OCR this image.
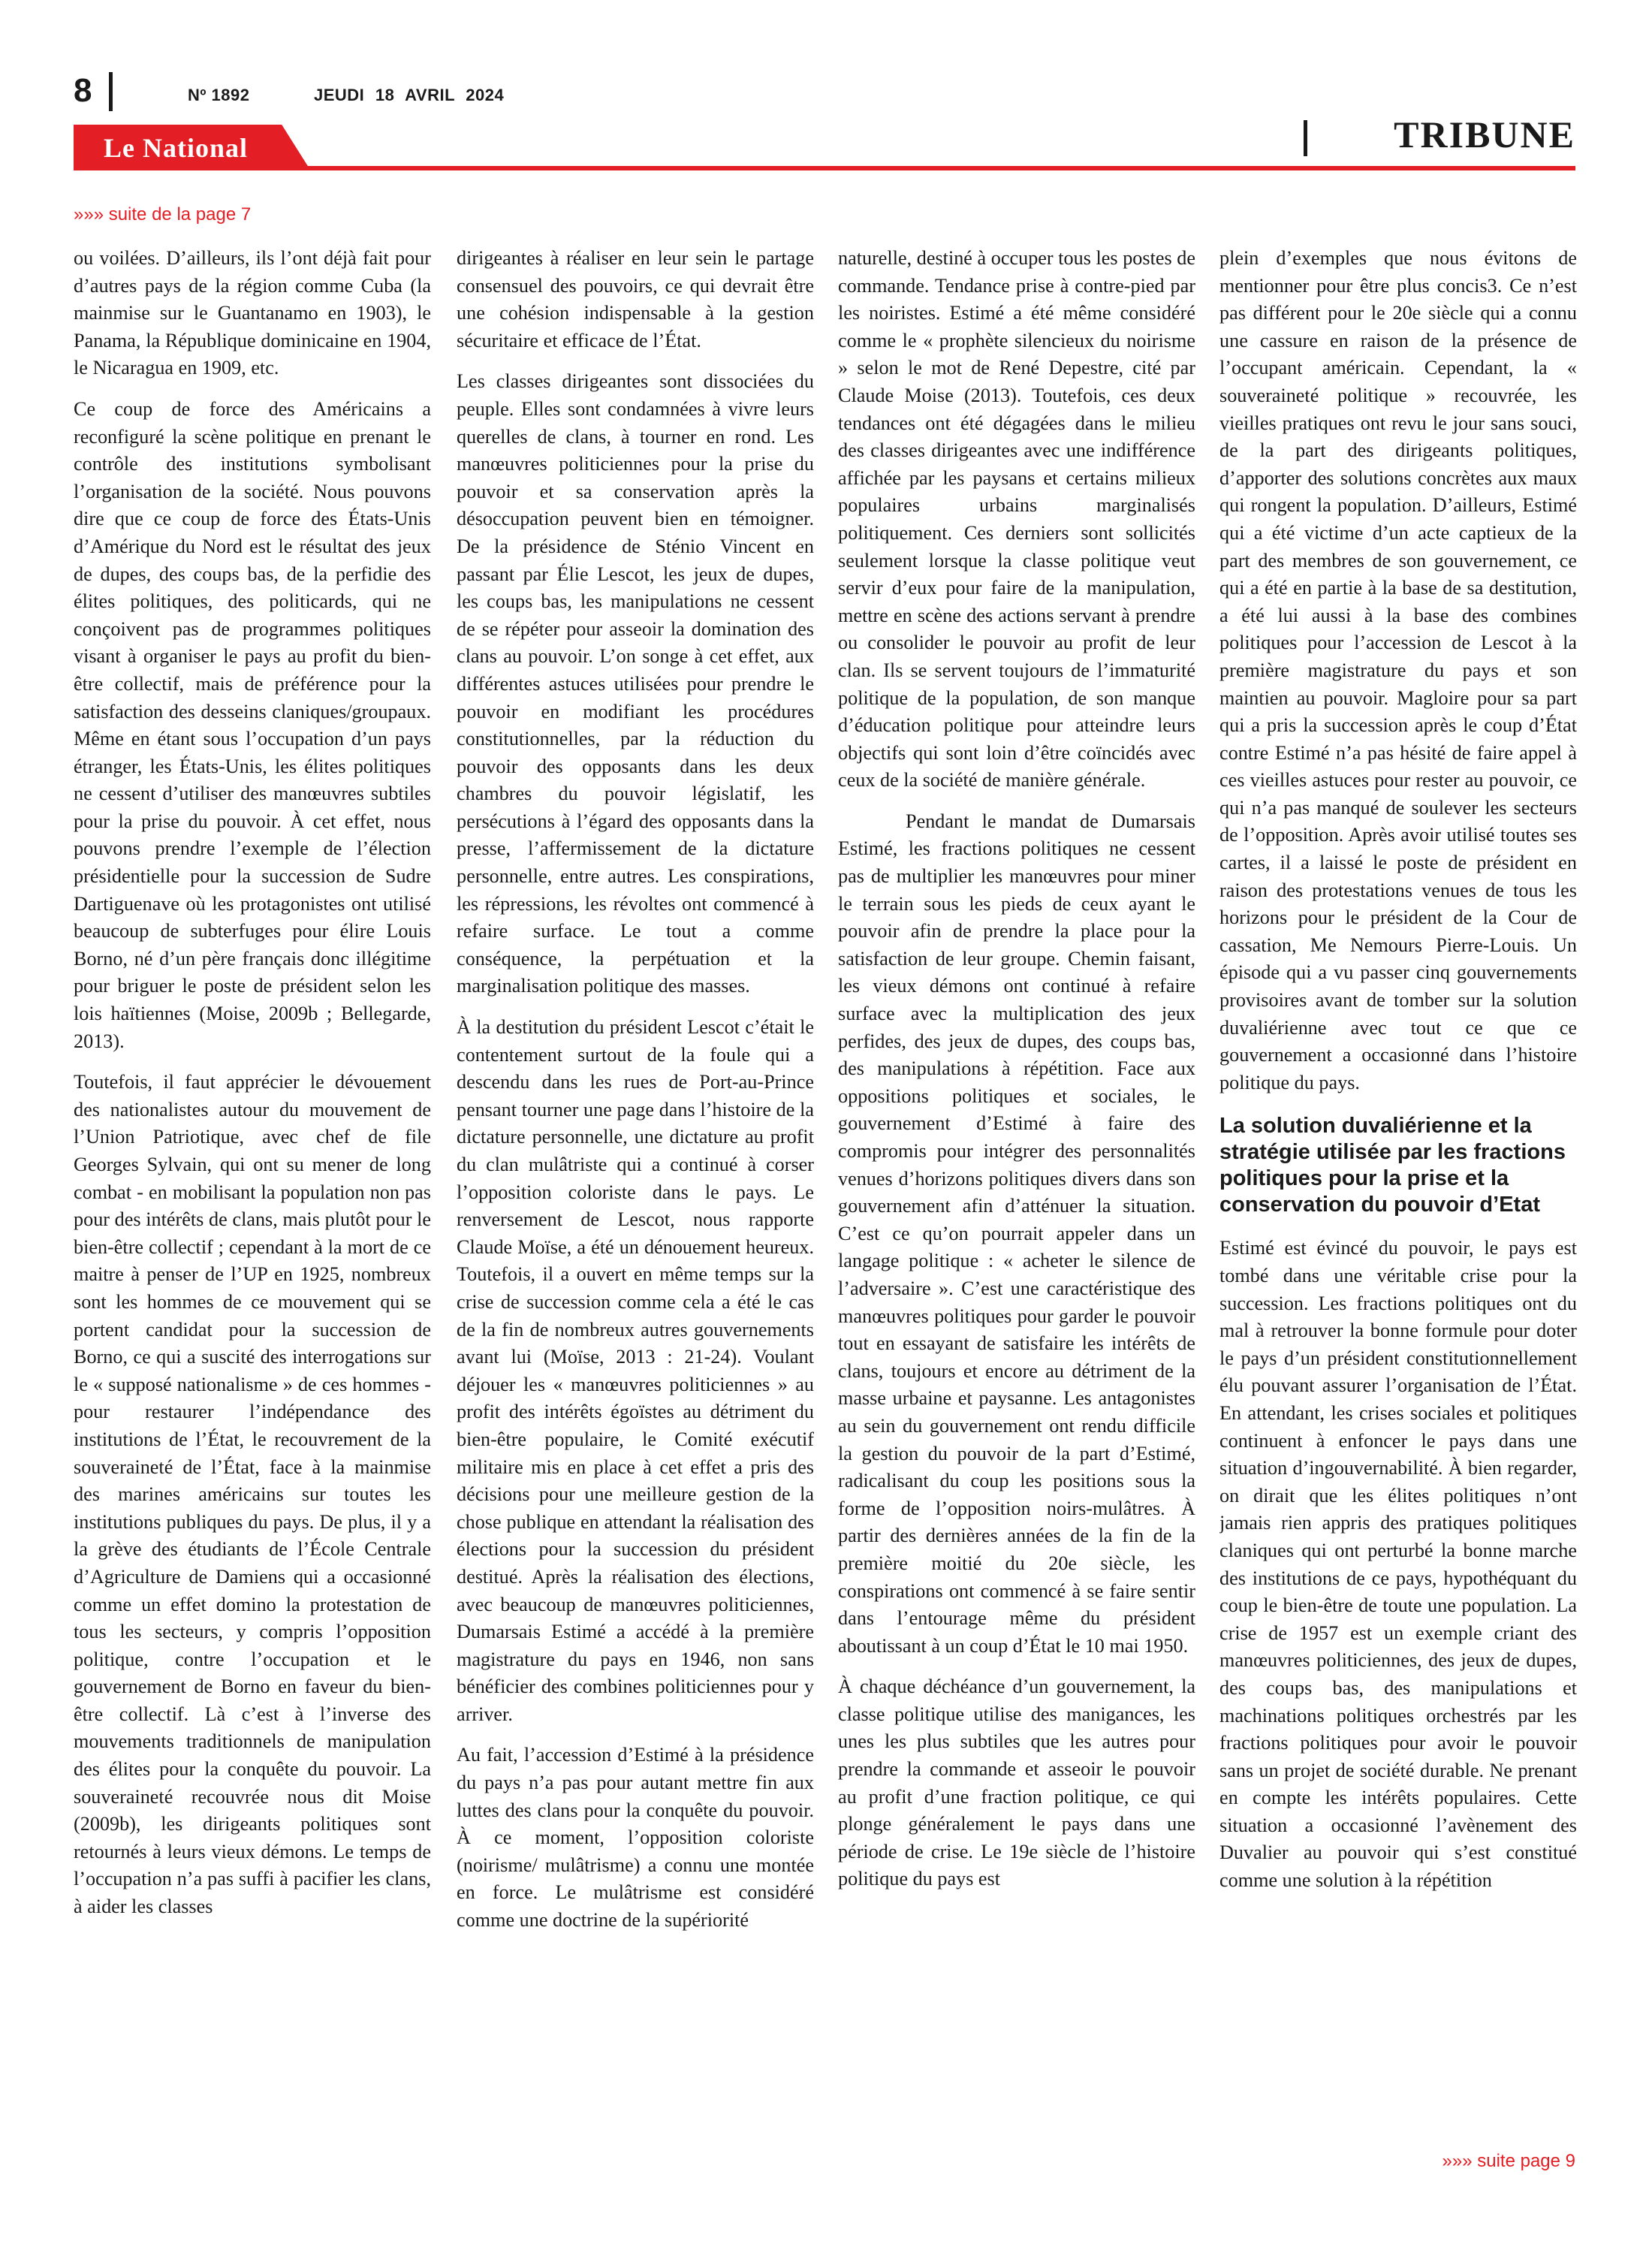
8	Nº 1892	JEUDI 18 AVRIL 2024
Le National	TRIBUNE
»»» suite de la page 7

ou voilées. D’ailleurs, ils l’ont déjà fait pour d’autres pays de la région comme Cuba (la mainmise sur le Guantanamo en 1903), le Panama, la République dominicaine en 1904, le Nicaragua en 1909, etc.

Ce coup de force des Américains a reconfiguré la scène politique en prenant le contrôle des institutions symbolisant l’organisation de la société. Nous pouvons dire que ce coup de force des États-Unis d’Amérique du Nord est le résultat des jeux de dupes, des coups bas, de la perfidie des élites politiques, des politicards, qui ne conçoivent pas de programmes politiques visant à organiser le pays au profit du bien-être collectif, mais de préférence pour la satisfaction des desseins claniques/groupaux. Même en étant sous l’occupation d’un pays étranger, les États-Unis, les élites politiques ne cessent d’utiliser des manœuvres subtiles pour la prise du pouvoir. À cet effet, nous pouvons prendre l’exemple de l’élection présidentielle pour la succession de Sudre Dartiguenave où les protagonistes ont utilisé beaucoup de subterfuges pour élire Louis Borno, né d’un père français donc illégitime pour briguer le poste de président selon les lois haïtiennes (Moise, 2009b ; Bellegarde, 2013).

Toutefois, il faut apprécier le dévouement des nationalistes autour du mouvement de l’Union Patriotique, avec chef de file Georges Sylvain, qui ont su mener de long combat - en mobilisant la population non pas pour des intérêts de clans, mais plutôt pour le bien-être collectif ; cependant à la mort de ce maitre à penser de l’UP en 1925, nombreux sont les hommes de ce mouvement qui se portent candidat pour la succession de Borno, ce qui a suscité des interrogations sur le « supposé nationalisme » de ces hommes - pour restaurer l’indépendance des institutions de l’État, le recouvrement de la souveraineté de l’État, face à la mainmise des marines américains sur toutes les institutions publiques du pays. De plus, il y a la grève des étudiants de l’École Centrale d’Agriculture de Damiens qui a occasionné comme un effet domino la protestation de tous les secteurs, y compris l’opposition politique, contre l’occupation et le gouvernement de Borno en faveur du bien-être collectif. Là c’est à l’inverse des mouvements traditionnels de manipulation des élites pour la conquête du pouvoir. La souveraineté recouvrée nous dit Moise (2009b), les dirigeants politiques sont retournés à leurs vieux démons. Le temps de l’occupation n’a pas suffi à pacifier les clans, à aider les classes

dirigeantes à réaliser en leur sein le partage consensuel des pouvoirs, ce qui devrait être une cohésion indispensable à la gestion sécuritaire et efficace de l’État.

Les classes dirigeantes sont dissociées du peuple. Elles sont condamnées à vivre leurs querelles de clans, à tourner en rond. Les manœuvres politiciennes pour la prise du pouvoir et sa conservation après la désoccupation peuvent bien en témoigner. De la présidence de Sténio Vincent en passant par Élie Lescot, les jeux de dupes, les coups bas, les manipulations ne cessent de se répéter pour asseoir la domination des clans au pouvoir. L’on songe à cet effet, aux différentes astuces utilisées pour prendre le pouvoir en modifiant les procédures constitutionnelles, par la réduction du pouvoir des opposants dans les deux chambres du pouvoir législatif, les persécutions à l’égard des opposants dans la presse, l’affermissement de la dictature personnelle, entre autres. Les conspirations, les répressions, les révoltes ont commencé à refaire surface. Le tout a comme conséquence, la perpétuation et la marginalisation politique des masses.

À la destitution du président Lescot c’était le contentement surtout de la foule qui a descendu dans les rues de Port-au-Prince pensant tourner une page dans l’histoire de la dictature personnelle, une dictature au profit du clan mulâtriste qui a continué à corser l’opposition coloriste dans le pays. Le renversement de Lescot, nous rapporte Claude Moïse, a été un dénouement heureux. Toutefois, il a ouvert en même temps sur la crise de succession comme cela a été le cas de la fin de nombreux autres gouvernements avant lui (Moïse, 2013 : 21-24). Voulant déjouer les « manœuvres politiciennes » au profit des intérêts égoïstes au détriment du bien-être populaire, le Comité exécutif militaire mis en place à cet effet a pris des décisions pour une meilleure gestion de la chose publique en attendant la réalisation des élections pour la succession du président destitué. Après la réalisation des élections, avec beaucoup de manœuvres politiciennes, Dumarsais Estimé a accédé à la première magistrature du pays en 1946, non sans bénéficier des combines politiciennes pour y arriver.

Au fait, l’accession d’Estimé à la présidence du pays n’a pas pour autant mettre fin aux luttes des clans pour la conquête du pouvoir. À ce moment, l’opposition coloriste (noirisme/ mulâtrisme) a connu une montée en force. Le mulâtrisme est considéré comme une doctrine de la supériorité

naturelle, destiné à occuper tous les postes de commande. Tendance prise à contre-pied par les noiristes. Estimé a été même considéré comme le « prophète silencieux du noirisme » selon le mot de René Depestre, cité par Claude Moise (2013). Toutefois, ces deux tendances ont été dégagées dans le milieu des classes dirigeantes avec une indifférence affichée par les paysans et certains milieux populaires urbains marginalisés politiquement. Ces derniers sont sollicités seulement lorsque la classe politique veut servir d’eux pour faire de la manipulation, mettre en scène des actions servant à prendre ou consolider le pouvoir au profit de leur clan. Ils se servent toujours de l’immaturité politique de la population, de son manque d’éducation politique pour atteindre leurs objectifs qui sont loin d’être coïncidés avec ceux de la société de manière générale.

Pendant le mandat de Dumarsais Estimé, les fractions politiques ne cessent pas de multiplier les manœuvres pour miner le terrain sous les pieds de ceux ayant le pouvoir afin de prendre la place pour la satisfaction de leur groupe. Chemin faisant, les vieux démons ont continué à refaire surface avec la multiplication des jeux perfides, des jeux de dupes, des coups bas, des manipulations à répétition. Face aux oppositions politiques et sociales, le gouvernement d’Estimé à faire des compromis pour intégrer des personnalités venues d’horizons politiques divers dans son gouvernement afin d’atténuer la situation. C’est ce qu’on pourrait appeler dans un langage politique : « acheter le silence de l’adversaire ». C’est une caractéristique des manœuvres politiques pour garder le pouvoir tout en essayant de satisfaire les intérêts de clans, toujours et encore au détriment de la masse urbaine et paysanne. Les antagonistes au sein du gouvernement ont rendu difficile la gestion du pouvoir de la part d’Estimé, radicalisant du coup les positions sous la forme de l’opposition noirs-mulâtres. À partir des dernières années de la fin de la première moitié du 20e siècle, les conspirations ont commencé à se faire sentir dans l’entourage même du président aboutissant à un coup d’État le 10 mai 1950.

À chaque déchéance d’un gouvernement, la classe politique utilise des manigances, les unes les plus subtiles que les autres pour prendre la commande et asseoir le pouvoir au profit d’une fraction politique, ce qui plonge généralement le pays dans une période de crise. Le 19e siècle de l’histoire politique du pays est

plein d’exemples que nous évitons de mentionner pour être plus concis3. Ce n’est pas différent pour le 20e siècle qui a connu une cassure en raison de la présence de l’occupant américain. Cependant, la « souveraineté politique » recouvrée, les vieilles pratiques ont revu le jour sans souci, de la part des dirigeants politiques, d’apporter des solutions concrètes aux maux qui rongent la population. D’ailleurs, Estimé qui a été victime d’un acte captieux de la part des membres de son gouvernement, ce qui a été en partie à la base de sa destitution, a été lui aussi à la base des combines politiques pour l’accession de Lescot à la première magistrature du pays et son maintien au pouvoir. Magloire pour sa part qui a pris la succession après le coup d’État contre Estimé n’a pas hésité de faire appel à ces vieilles astuces pour rester au pouvoir, ce qui n’a pas manqué de soulever les secteurs de l’opposition. Après avoir utilisé toutes ses cartes, il a laissé le poste de président en raison des protestations venues de tous les horizons pour le président de la Cour de cassation, Me Nemours Pierre-Louis. Un épisode qui a vu passer cinq gouvernements provisoires avant de tomber sur la solution duvaliérienne avec tout ce que ce gouvernement a occasionné dans l’histoire politique du pays.

La solution duvaliérienne et la stratégie utilisée par les fractions politiques pour la prise et la conservation du pouvoir d’Etat

Estimé est évincé du pouvoir, le pays est tombé dans une véritable crise pour la succession. Les fractions politiques ont du mal à retrouver la bonne formule pour doter le pays d’un président constitutionnellement élu pouvant assurer l’organisation de l’État. En attendant, les crises sociales et politiques continuent à enfoncer le pays dans une situation d’ingouvernabilité. À bien regarder, on dirait que les élites politiques n’ont jamais rien appris des pratiques politiques claniques qui ont perturbé la bonne marche des institutions de ce pays, hypothéquant du coup le bien-être de toute une population. La crise de 1957 est un exemple criant des manœuvres politiciennes, des jeux de dupes, des coups bas, des manipulations et machinations politiques orchestrés par les fractions politiques pour avoir le pouvoir sans un projet de société durable. Ne prenant en compte les intérêts populaires. Cette situation a occasionné l’avènement des Duvalier au pouvoir qui s’est constitué comme une solution à la répétition

»»» suite page 9
